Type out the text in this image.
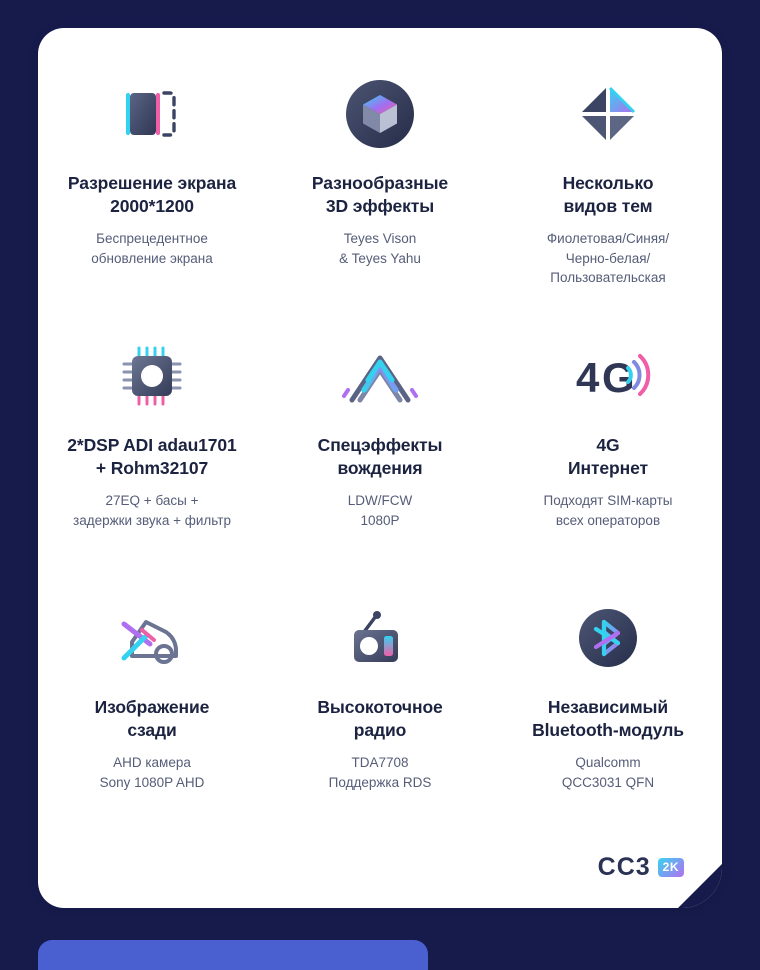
Разрешение экрана
2000*1200
Беспрецедентное
обновление экрана
Разнообразные
3D эффекты
Teyes Vison
& Teyes Yahu
Несколько
видов тем
Фиолетовая/Синяя/
Черно-белая/
Пользовательская
2*DSP ADI adau1701
+ Rohm32107
27EQ + басы +
задержки звука + фильтр
Спецэффекты
вождения
LDW/FCW
1080P
4 G
4G
Интернет
Подходят SIM-карты
всех операторов
Изображение
сзади
AHD камера
Sony 1080P AHD
Высокоточное
радио
TDA7708
Поддержка RDS
Независимый
Bluetooth-модуль
Qualcomm
QCC3031 QFN
CC3	2K
